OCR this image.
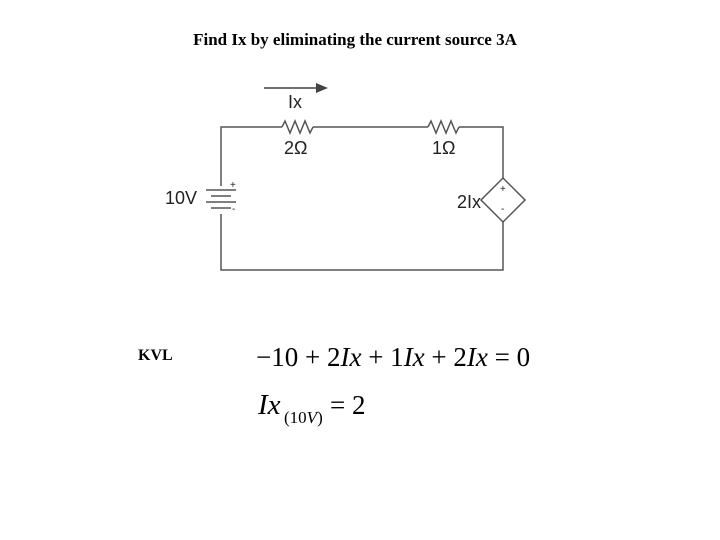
Find Ix by eliminating the current source 3A
+
-
Ix
2Ω	1Ω
10V	2Ix
+
-
−10 + 2Ix + 1Ix + 2Ix = 0
Ix (10V) = 2
KVL
